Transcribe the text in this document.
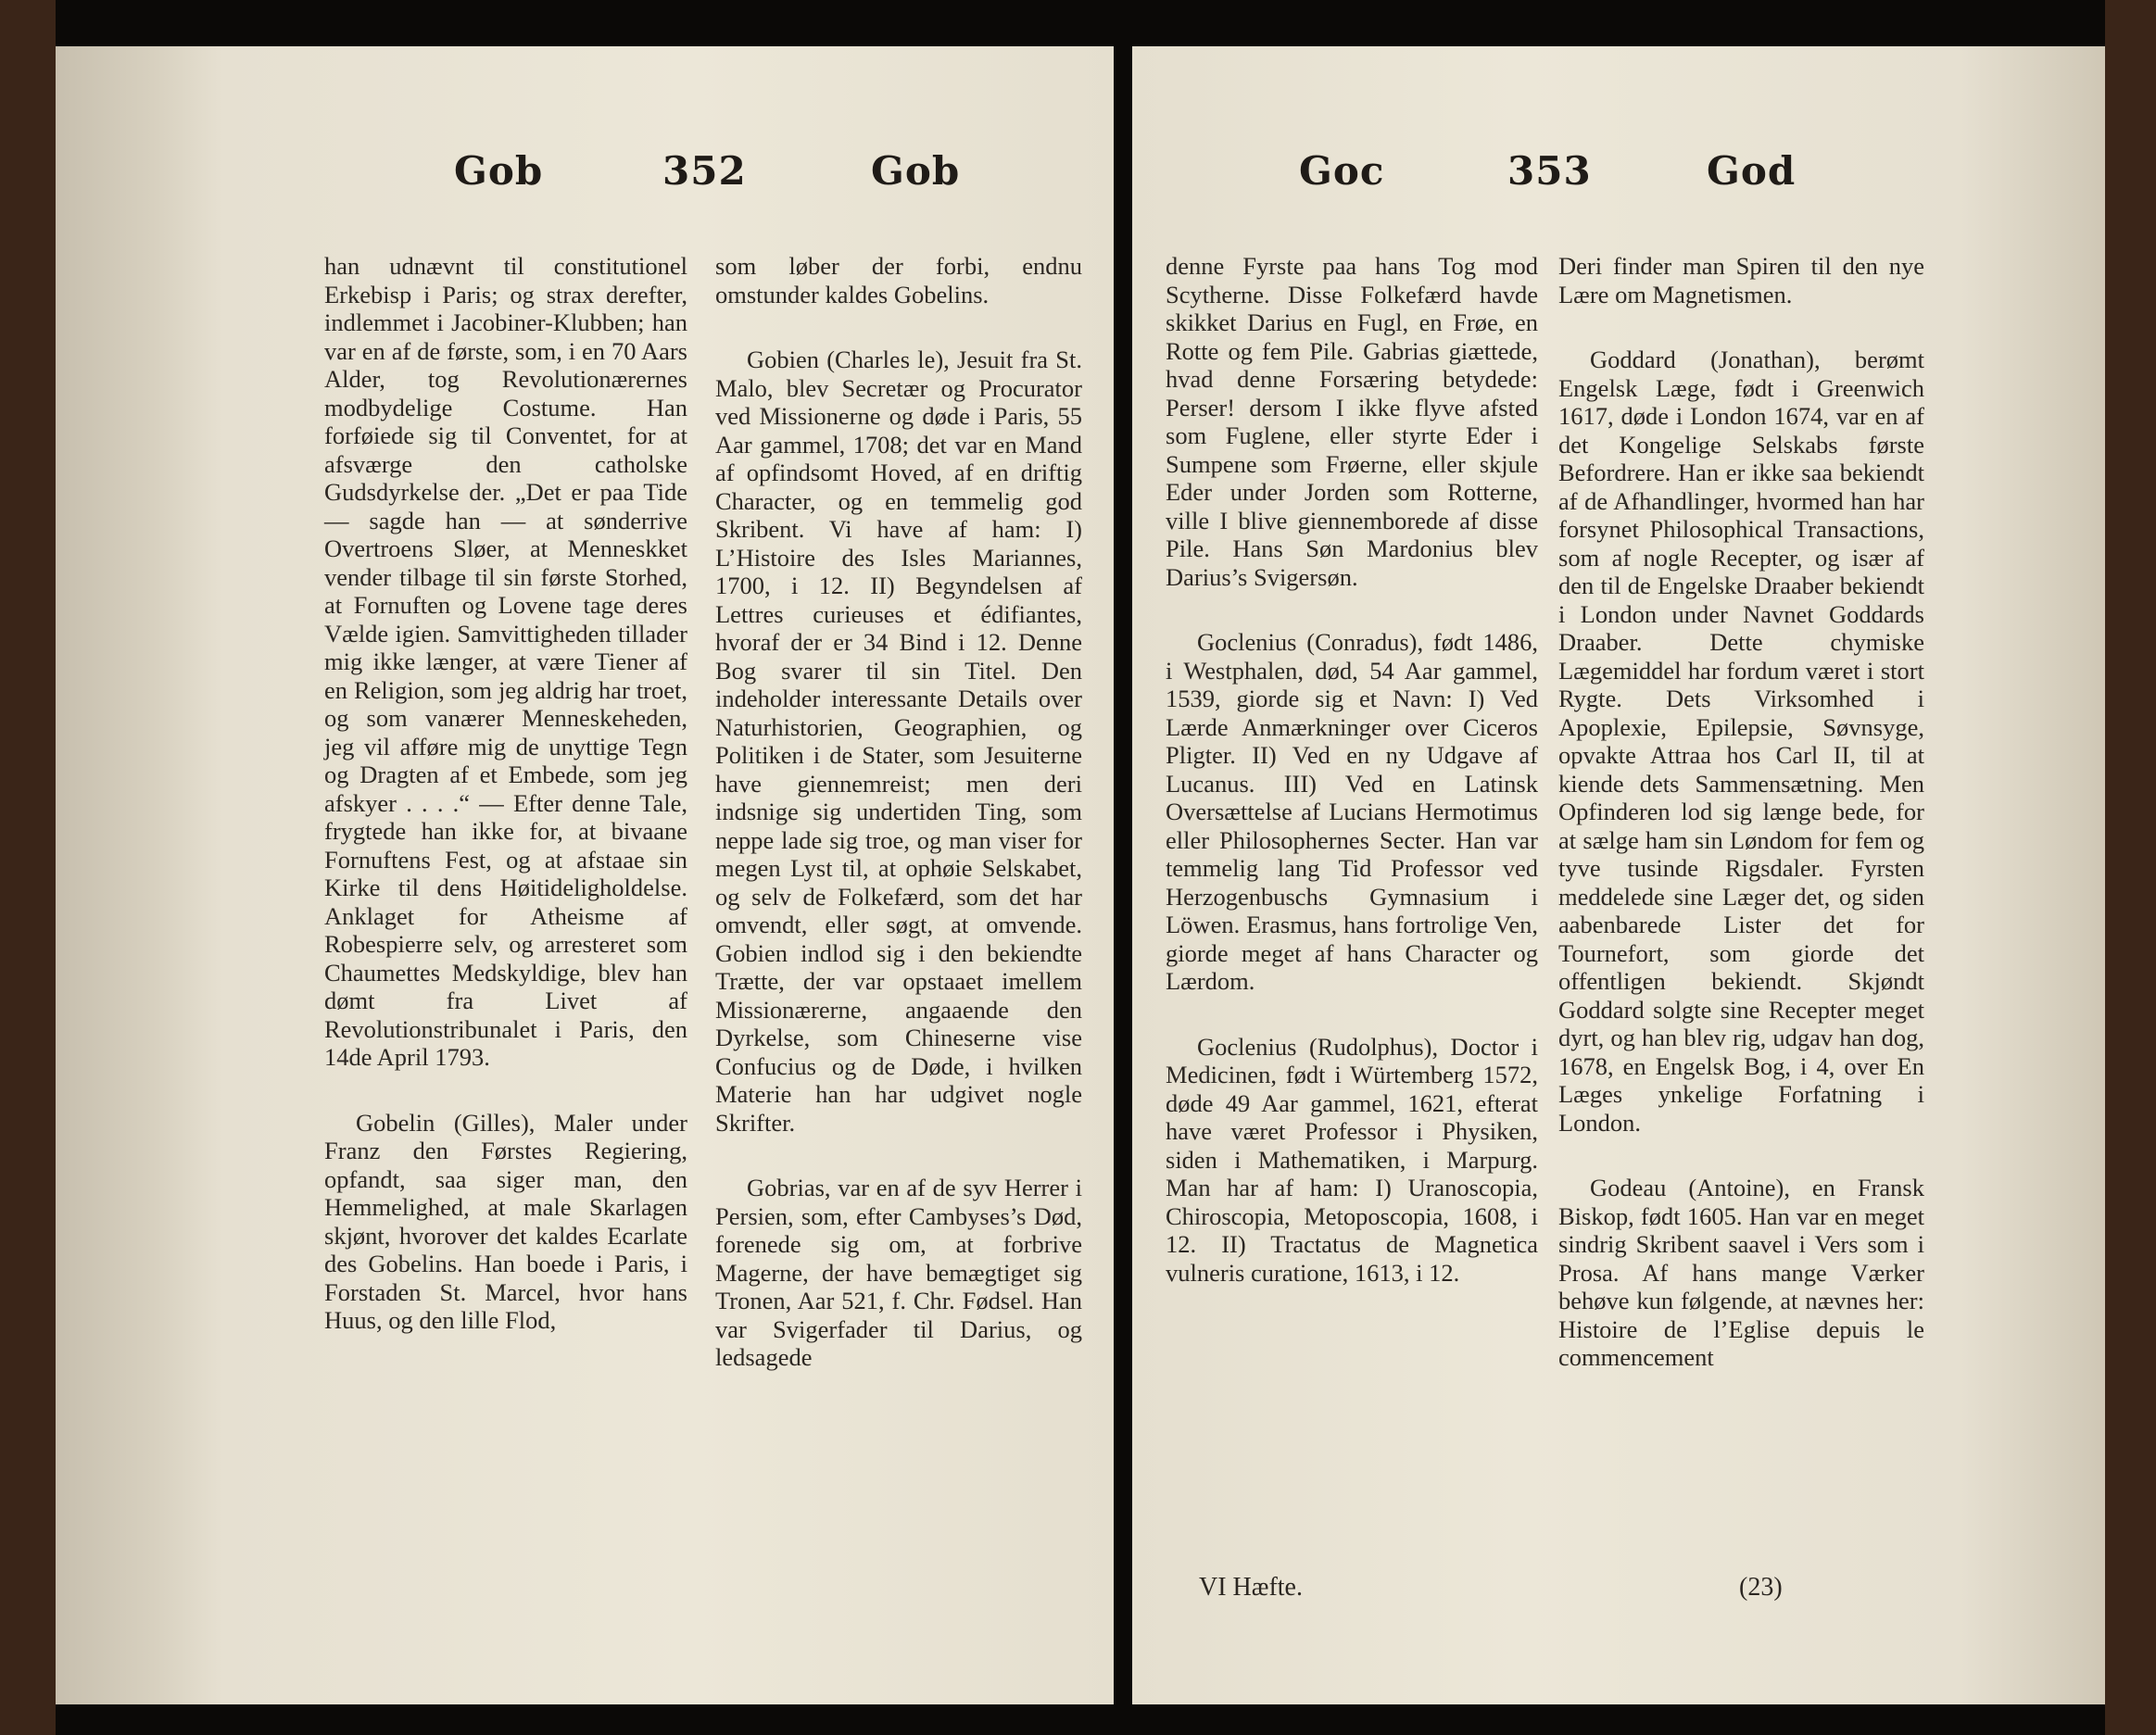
Gob	352	Gob

han udnævnt til constitutionel Erkebisp i Paris; og strax derefter, indlemmet i Jacobiner-Klubben; han var en af de første, som, i en 70 Aars Alder, tog Revolutionærernes modbydelige Costume. Han forføiede sig til Conventet, for at afsværge den catholske Gudsdyrkelse der. „Det er paa Tide — sagde han — at sønderrive Overtroens Sløer, at Menneskket vender tilbage til sin første Storhed, at Fornuften og Lovene tage deres Vælde igien. Samvittigheden tillader mig ikke længer, at være Tiener af en Religion, som jeg aldrig har troet, og som vanærer Menneskeheden, jeg vil afføre mig de unyttige Tegn og Dragten af et Embede, som jeg afskyer . . . .“ — Efter denne Tale, frygtede han ikke for, at bivaane Fornuftens Fest, og at afstaae sin Kirke til dens Høitideligholdelse. Anklaget for Atheisme af Robespierre selv, og arresteret som Chaumettes Medskyldige, blev han dømt fra Livet af Revolutionstribunalet i Paris, den 14de April 1793.

Gobelin (Gilles), Maler under Franz den Førstes Regiering, opfandt, saa siger man, den Hemmelighed, at male Skarlagen skjønt, hvorover det kaldes Ecarlate des Gobelins. Han boede i Paris, i Forstaden St. Marcel, hvor hans Huus, og den lille Flod,

som løber der forbi, endnu omstunder kaldes Gobelins.

Gobien (Charles le), Jesuit fra St. Malo, blev Secretær og Procurator ved Missionerne og døde i Paris, 55 Aar gammel, 1708; det var en Mand af opfindsomt Hoved, af en driftig Character, og en temmelig god Skribent. Vi have af ham: I) L’Histoire des Isles Mariannes, 1700, i 12. II) Begyndelsen af Lettres curieuses et édifiantes, hvoraf der er 34 Bind i 12. Denne Bog svarer til sin Titel. Den indeholder interessante Details over Naturhistorien, Geographien, og Politiken i de Stater, som Jesuiterne have giennemreist; men deri indsnige sig undertiden Ting, som neppe lade sig troe, og man viser for megen Lyst til, at ophøie Selskabet, og selv de Folkefærd, som det har omvendt, eller søgt, at omvende. Gobien indlod sig i den bekiendte Trætte, der var opstaaet imellem Missionærerne, angaaende den Dyrkelse, som Chineserne vise Confucius og de Døde, i hvilken Materie han har udgivet nogle Skrifter.

Gobrias, var en af de syv Herrer i Persien, som, efter Cambyses’s Død, forenede sig om, at forbrive Magerne, der have bemægtiget sig Tronen, Aar 521, f. Chr. Fødsel. Han var Svigerfader til Darius, og ledsagede

Goc	353	God

denne Fyrste paa hans Tog mod Scytherne. Disse Folkefærd havde skikket Darius en Fugl, en Frøe, en Rotte og fem Pile. Gabrias giættede, hvad denne Forsæring betydede: Perser! dersom I ikke flyve afsted som Fuglene, eller styrte Eder i Sumpene som Frøerne, eller skjule Eder under Jorden som Rotterne, ville I blive giennemborede af disse Pile. Hans Søn Mardonius blev Darius’s Svigersøn.

Goclenius (Conradus), født 1486, i Westphalen, død, 54 Aar gammel, 1539, giorde sig et Navn: I) Ved Lærde Anmærkninger over Ciceros Pligter. II) Ved en ny Udgave af Lucanus. III) Ved en Latinsk Oversættelse af Lucians Hermotimus eller Philosophernes Secter. Han var temmelig lang Tid Professor ved Herzogenbuschs Gymnasium i Löwen. Erasmus, hans fortrolige Ven, giorde meget af hans Character og Lærdom.

Goclenius (Rudolphus), Doctor i Medicinen, født i Würtemberg 1572, døde 49 Aar gammel, 1621, efterat have været Professor i Physiken, siden i Mathematiken, i Marpurg. Man har af ham: I) Uranoscopia, Chiroscopia, Metoposcopia, 1608, i 12. II) Tractatus de Magnetica vulneris curatione, 1613, i 12.

Deri finder man Spiren til den nye Lære om Magnetismen.

Goddard (Jonathan), berømt Engelsk Læge, født i Greenwich 1617, døde i London 1674, var en af det Kongelige Selskabs første Befordrere. Han er ikke saa bekiendt af de Afhandlinger, hvormed han har forsynet Philosophical Transactions, som af nogle Recepter, og især af den til de Engelske Draaber bekiendt i London under Navnet Goddards Draaber. Dette chymiske Lægemiddel har fordum været i stort Rygte. Dets Virksomhed i Apoplexie, Epilepsie, Søvnsyge, opvakte Attraa hos Carl II, til at kiende dets Sammensætning. Men Opfinderen lod sig længe bede, for at sælge ham sin Løndom for fem og tyve tusinde Rigsdaler. Fyrsten meddelede sine Læger det, og siden aabenbarede Lister det for Tournefort, som giorde det offentligen bekiendt. Skjøndt Goddard solgte sine Recepter meget dyrt, og han blev rig, udgav han dog, 1678, en Engelsk Bog, i 4, over En Læges ynkelige Forfatning i London.

Godeau (Antoine), en Fransk Biskop, født 1605. Han var en meget sindrig Skribent saavel i Vers som i Prosa. Af hans mange Værker behøve kun følgende, at nævnes her: Histoire de l’Eglise depuis le commencement

VI Hæfte.	(23)
